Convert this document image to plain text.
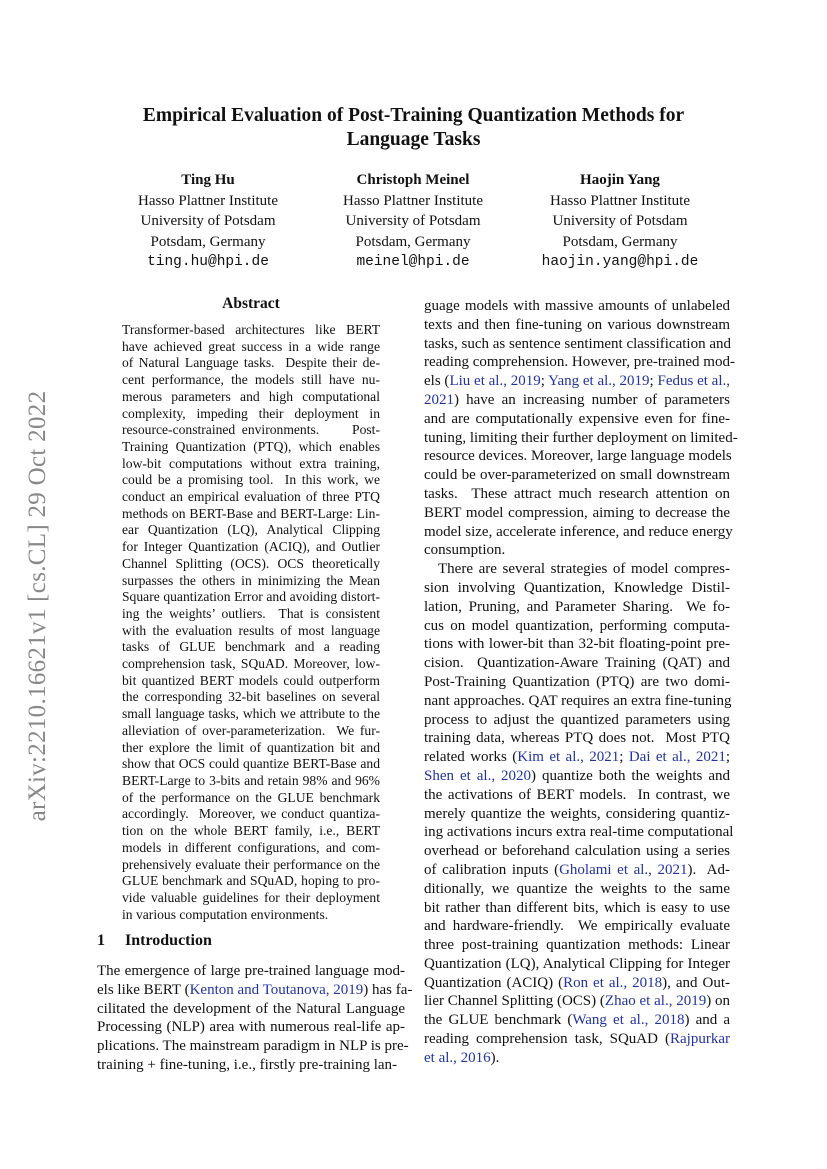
arXiv:2210.16621v1 [cs.CL] 29 Oct 2022
Empirical Evaluation of Post-Training Quantization Methods for
Language Tasks
Ting Hu
Hasso Plattner Institute
University of Potsdam
Potsdam, Germany
ting.hu@hpi.de
Christoph Meinel
Hasso Plattner Institute
University of Potsdam
Potsdam, Germany
meinel@hpi.de
Haojin Yang
Hasso Plattner Institute
University of Potsdam
Potsdam, Germany
haojin.yang@hpi.de
Abstract
Transformer-based architectures like BERT
have achieved great success in a wide range
of Natural Language tasks.  Despite their de-
cent performance, the models still have nu-
merous parameters and high computational
complexity, impeding their deployment in
resource-constrained environments.     Post-
Training Quantization (PTQ), which enables
low-bit computations without extra training,
could be a promising tool.  In this work, we
conduct an empirical evaluation of three PTQ
methods on BERT-Base and BERT-Large: Lin-
ear Quantization (LQ), Analytical Clipping
for Integer Quantization (ACIQ), and Outlier
Channel Splitting (OCS). OCS theoretically
surpasses the others in minimizing the Mean
Square quantization Error and avoiding distort-
ing the weights’ outliers.  That is consistent
with the evaluation results of most language
tasks of GLUE benchmark and a reading
comprehension task, SQuAD. Moreover, low-
bit quantized BERT models could outperform
the corresponding 32-bit baselines on several
small language tasks, which we attribute to the
alleviation of over-parameterization.  We fur-
ther explore the limit of quantization bit and
show that OCS could quantize BERT-Base and
BERT-Large to 3-bits and retain 98% and 96%
of the performance on the GLUE benchmark
accordingly.  Moreover, we conduct quantiza-
tion on the whole BERT family, i.e., BERT
models in different configurations, and com-
prehensively evaluate their performance on the
GLUE benchmark and SQuAD, hoping to pro-
vide valuable guidelines for their deployment
in various computation environments.
1 Introduction
The emergence of large pre-trained language mod-
els like BERT (Kenton and Toutanova, 2019) has fa-
cilitated the development of the Natural Language
Processing (NLP) area with numerous real-life ap-
plications. The mainstream paradigm in NLP is pre-
training + fine-tuning, i.e., firstly pre-training lan-
guage models with massive amounts of unlabeled
texts and then fine-tuning on various downstream
tasks, such as sentence sentiment classification and
reading comprehension. However, pre-trained mod-
els (Liu et al., 2019; Yang et al., 2019; Fedus et al.,
2021) have an increasing number of parameters
and are computationally expensive even for fine-
tuning, limiting their further deployment on limited-
resource devices. Moreover, large language models
could be over-parameterized on small downstream
tasks.  These attract much research attention on
BERT model compression, aiming to decrease the
model size, accelerate inference, and reduce energy
consumption.
There are several strategies of model compres-
sion involving Quantization, Knowledge Distil-
lation, Pruning, and Parameter Sharing.  We fo-
cus on model quantization, performing computa-
tions with lower-bit than 32-bit floating-point pre-
cision.  Quantization-Aware Training (QAT) and
Post-Training Quantization (PTQ) are two domi-
nant approaches. QAT requires an extra fine-tuning
process to adjust the quantized parameters using
training data, whereas PTQ does not.  Most PTQ
related works (Kim et al., 2021; Dai et al., 2021;
Shen et al., 2020) quantize both the weights and
the activations of BERT models.  In contrast, we
merely quantize the weights, considering quantiz-
ing activations incurs extra real-time computational
overhead or beforehand calculation using a series
of calibration inputs (Gholami et al., 2021).  Ad-
ditionally, we quantize the weights to the same
bit rather than different bits, which is easy to use
and hardware-friendly.  We empirically evaluate
three post-training quantization methods: Linear
Quantization (LQ), Analytical Clipping for Integer
Quantization (ACIQ) (Ron et al., 2018), and Out-
lier Channel Splitting (OCS) (Zhao et al., 2019) on
the GLUE benchmark (Wang et al., 2018) and a
reading comprehension task, SQuAD (Rajpurkar
et al., 2016).
